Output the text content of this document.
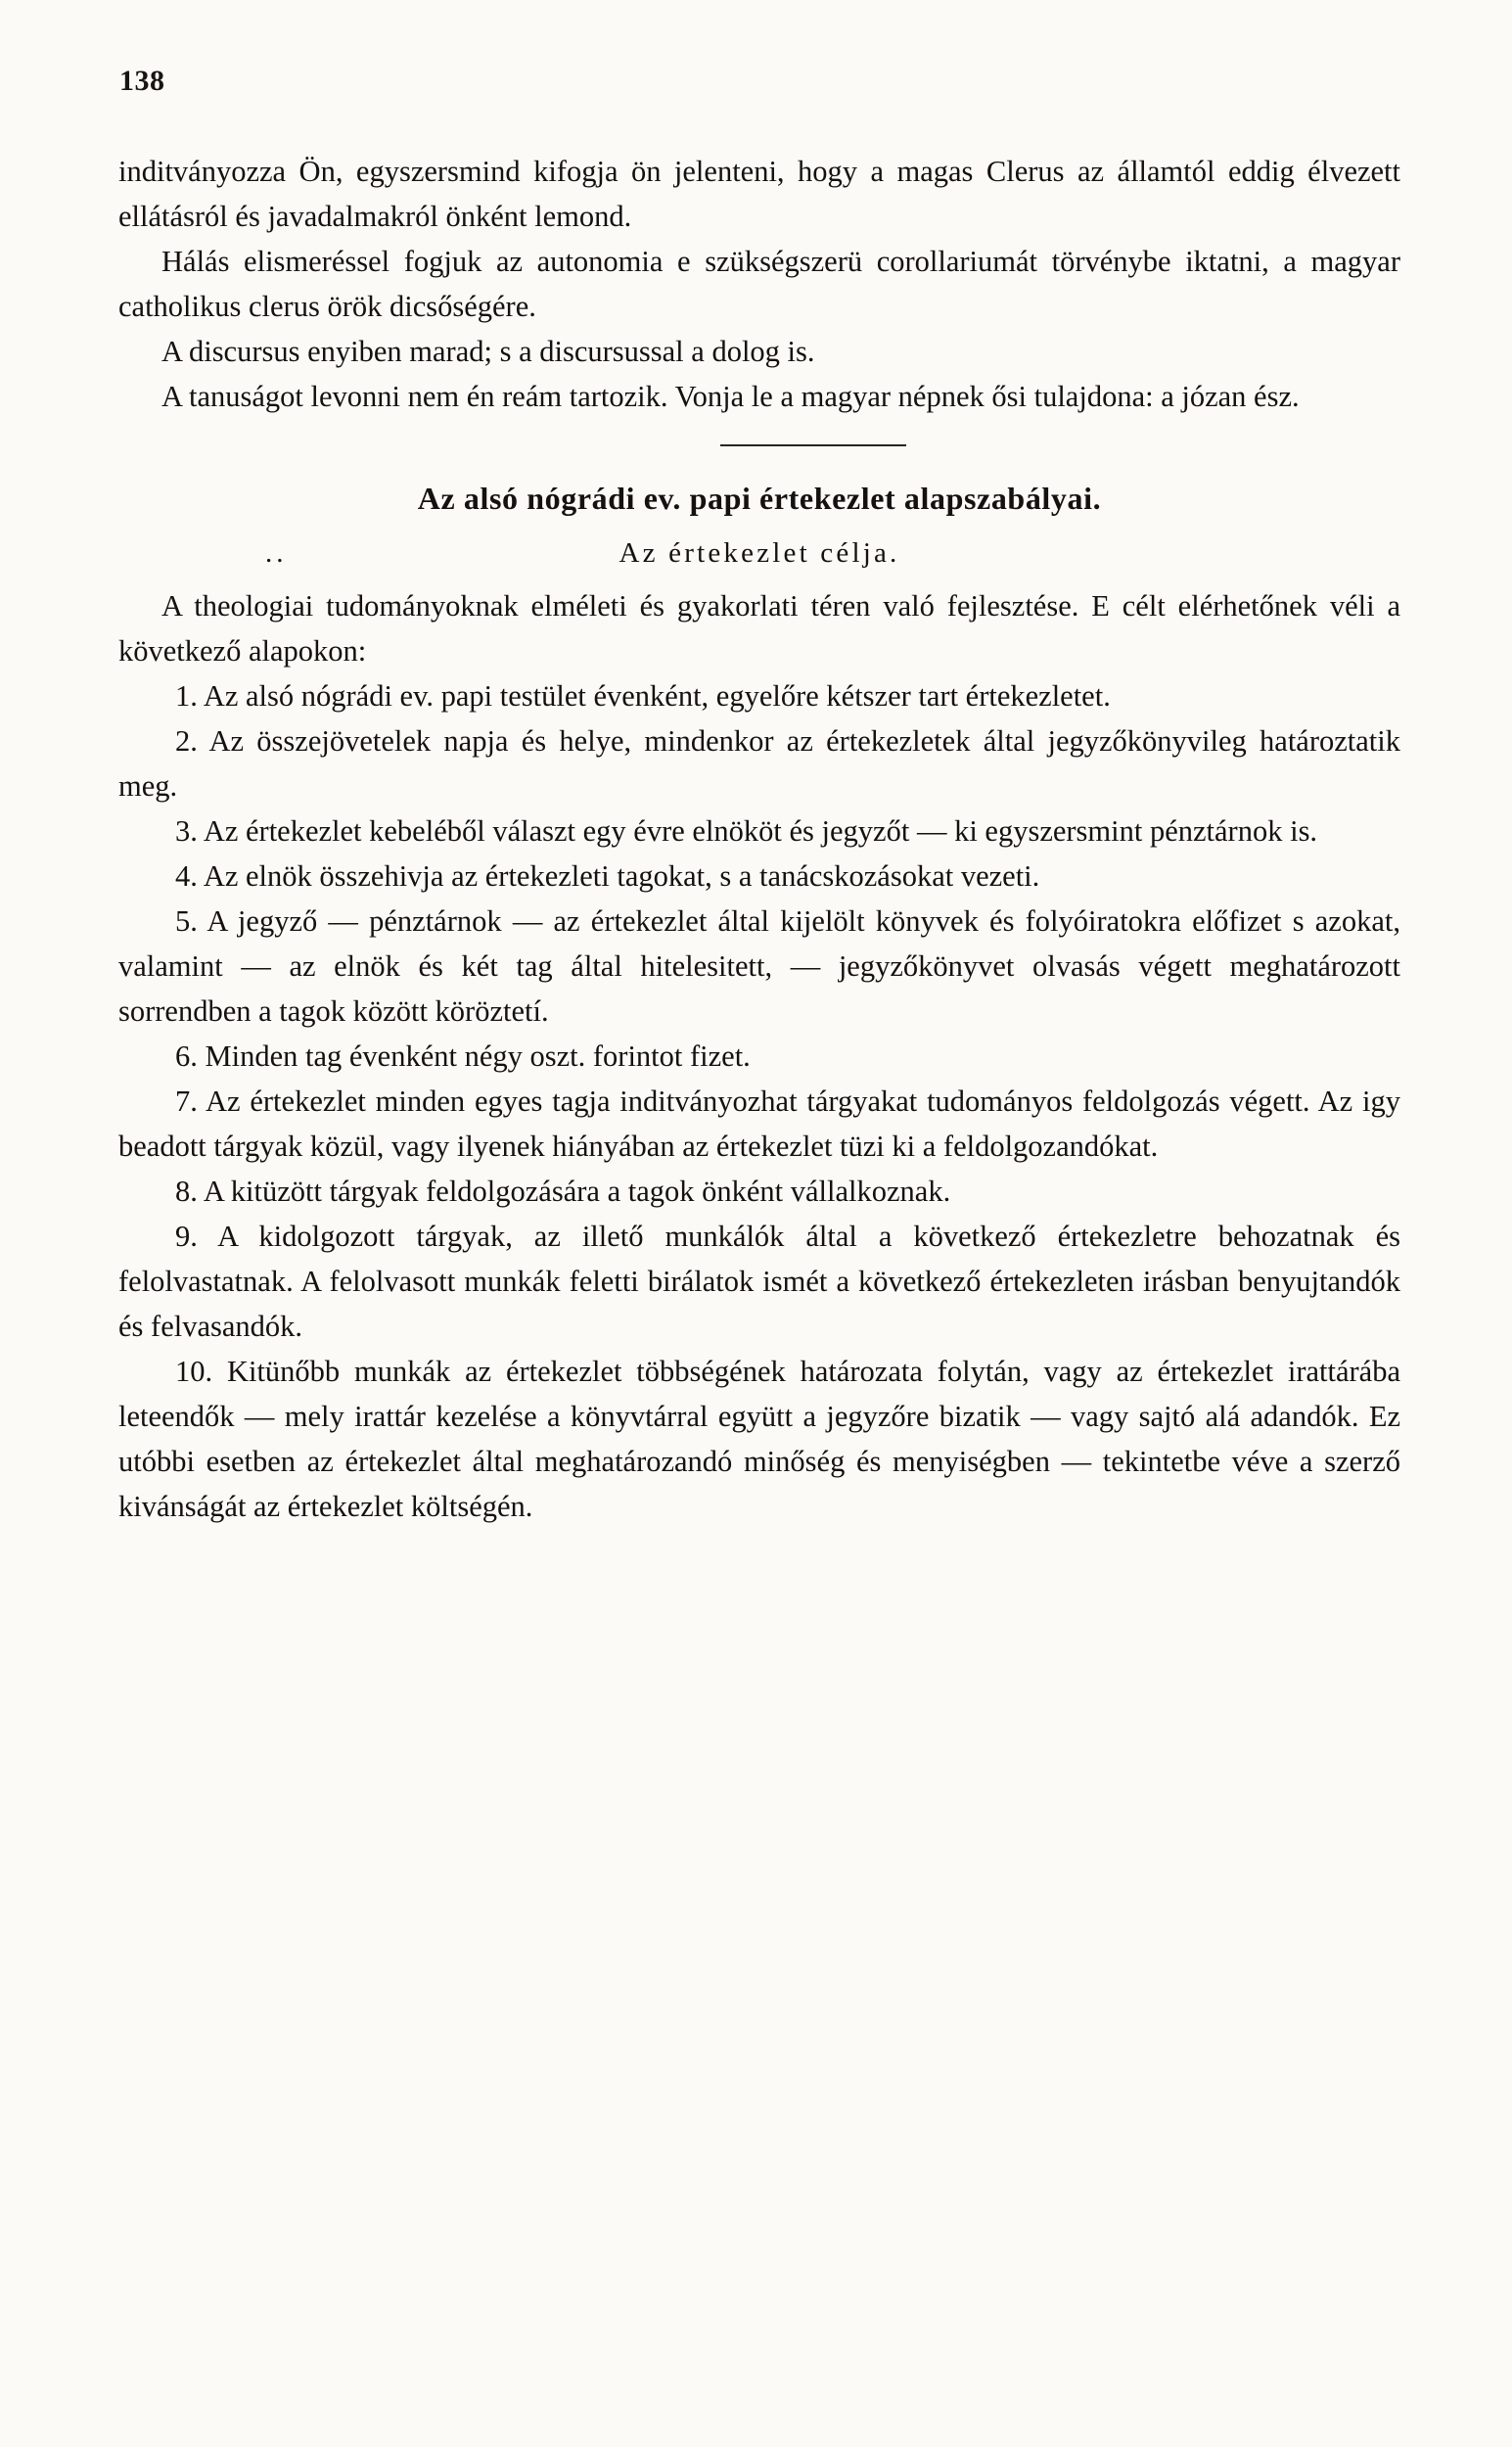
138

inditványozza Ön, egyszersmind kifogja ön jelenteni, hogy a magas Clerus az államtól eddig élvezett ellátásról és javadalmakról önként lemond.

Hálás elismeréssel fogjuk az autonomia e szükségszerü corollariumát törvénybe iktatni, a magyar catholikus clerus örök dicsőségére.

A discursus enyiben marad; s a discursussal a dolog is.

A tanuságot levonni nem én reám tartozik. Vonja le a magyar népnek ősi tulajdona: a józan ész.

Az alsó nógrádi ev. papi értekezlet alapszabályai.

.. Az értekezlet célja.

A theologiai tudományoknak elméleti és gyakorlati téren való fejlesztése. E célt elérhetőnek véli a következő alapokon:

1. Az alsó nógrádi ev. papi testület évenként, egyelőre kétszer tart értekezletet.

2. Az összejövetelek napja és helye, mindenkor az értekezletek által jegyzőkönyvileg határoztatik meg.

3. Az értekezlet kebeléből választ egy évre elnököt és jegyzőt — ki egyszersmint pénztárnok is.

4. Az elnök összehivja az értekezleti tagokat, s a tanácskozásokat vezeti.

5. A jegyző — pénztárnok — az értekezlet által kijelölt könyvek és folyóiratokra előfizet s azokat, valamint — az elnök és két tag által hitelesitett, — jegyzőkönyvet olvasás végett meghatározott sorrendben a tagok között köröztetí.

6. Minden tag évenként négy oszt. forintot fizet.

7. Az értekezlet minden egyes tagja inditványozhat tárgyakat tudományos feldolgozás végett. Az igy beadott tárgyak közül, vagy ilyenek hiányában az értekezlet tüzi ki a feldolgozandókat.

8. A kitüzött tárgyak feldolgozására a tagok önként vállalkoznak.

9. A kidolgozott tárgyak, az illető munkálók által a következő értekezletre behozatnak és felolvastatnak. A felolvasott munkák feletti birálatok ismét a következő értekezleten irásban benyujtandók és felvasandók.

10. Kitünőbb munkák az értekezlet többségének határozata folytán, vagy az értekezlet irattárába leteendők — mely irattár kezelése a könyvtárral együtt a jegyzőre bizatik — vagy sajtó alá adandók. Ez utóbbi esetben az értekezlet által meghatározandó minőség és menyiségben — tekintetbe véve a szerző kivánságát az értekezlet költségén.
